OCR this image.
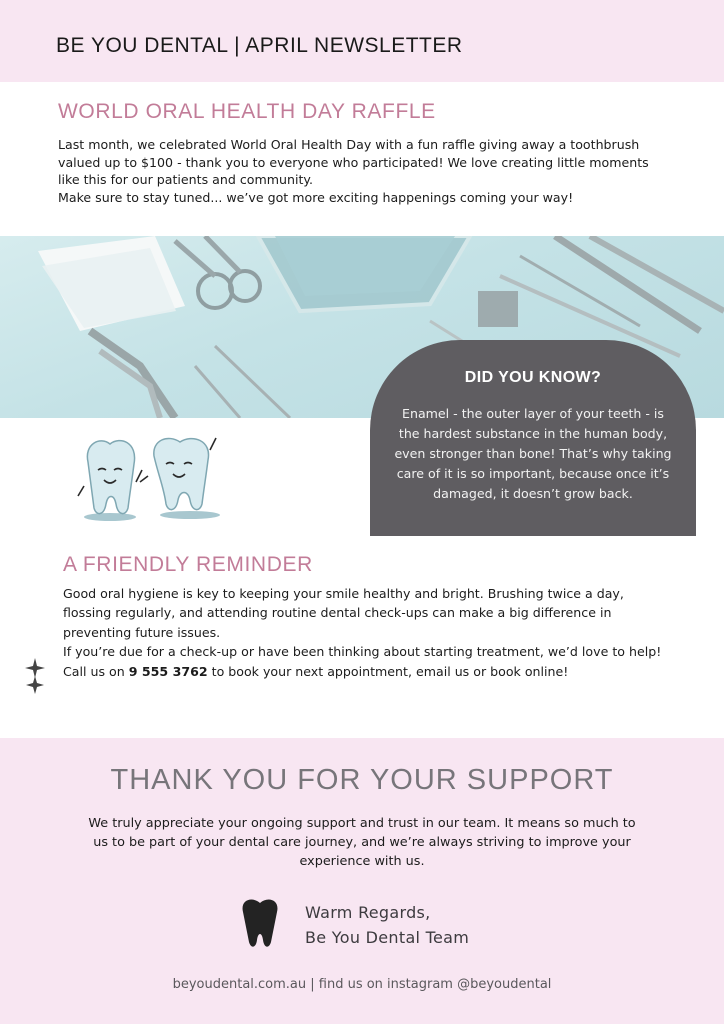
BE YOU DENTAL | APRIL NEWSLETTER
WORLD ORAL HEALTH DAY RAFFLE

Last month, we celebrated World Oral Health Day with a fun raffle giving away a toothbrush valued up to $100 - thank you to everyone who participated! We love creating little moments like this for our patients and community.

Make sure to stay tuned... we’ve got more exciting happenings coming your way!

DID YOU KNOW?
Enamel - the outer layer of your teeth - is the hardest substance in the human body, even stronger than bone! That’s why taking care of it is so important, because once it’s damaged, it doesn’t grow back.
A FRIENDLY REMINDER

Good oral hygiene is key to keeping your smile healthy and bright. Brushing twice a day, flossing regularly, and attending routine dental check-ups can make a big difference in preventing future issues.

If you’re due for a check-up or have been thinking about starting treatment, we’d love to help!

Call us on 9 555 3762 to book your next appointment, email us or book online!

THANK YOU FOR YOUR SUPPORT
We truly appreciate your ongoing support and trust in our team. It means so much to us to be part of your dental care journey, and we’re always striving to improve your experience with us.
Warm Regards,
Be You Dental Team
beyoudental.com.au | find us on instagram @beyoudental
